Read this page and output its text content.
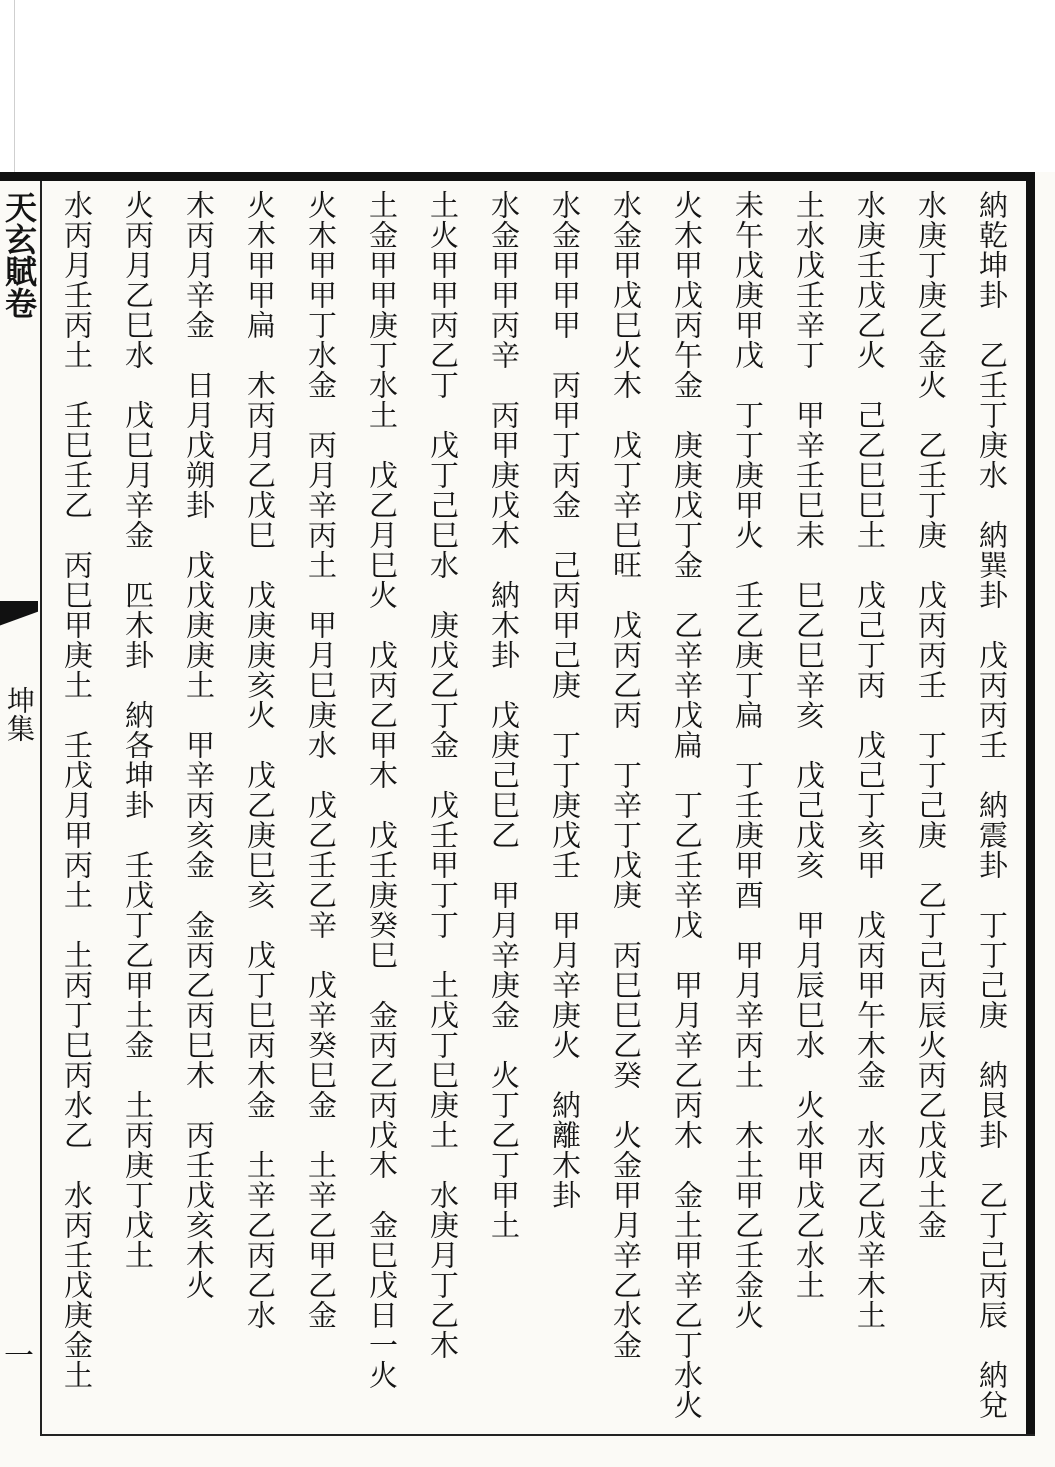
天玄賦卷
坤集
一
納乾坤卦　乙壬丁庚水　納巽卦　戊丙丙壬　納震卦　丁丁己庚　納艮卦　乙丁己丙辰　納兌
水庚丁庚乙金火　乙壬丁庚　戊丙丙壬　丁丁己庚　乙丁己丙辰火丙乙戊戊土金
水庚壬戊乙火　己乙巳巳土　戊己丁丙　戊己丁亥甲　戊丙甲午木金　水丙乙戊辛木土
土水戊壬辛丁　甲辛壬巳未　巳乙巳辛亥　戊己戊亥　甲月辰巳水　火水甲戊乙水土
未午戊庚甲戊　丁丁庚甲火　壬乙庚丁扁　丁壬庚甲酉　甲月辛丙土　木土甲乙壬金火
火木甲戊丙午金　庚庚戊丁金　乙辛辛戊扁　丁乙壬辛戊　甲月辛乙丙木　金土甲辛乙丁水火
水金甲戊巳火木　戊丁辛巳旺　戊丙乙丙　丁辛丁戊庚　丙巳巳乙癸　火金甲月辛乙水金
水金甲甲甲　丙甲丁丙金　己丙甲己庚　丁丁庚戊壬　甲月辛庚火　納離木卦
水金甲甲丙辛　丙甲庚戊木　納木卦　戊庚己巳乙　甲月辛庚金　火丁乙丁甲土
土火甲甲丙乙丁　戊丁己巳水　庚戊乙丁金　戊壬甲丁丁　土戊丁巳庚土　水庚月丁乙木
土金甲甲庚丁水土　戊乙月巳火　戊丙乙甲木　戊壬庚癸巳　金丙乙丙戊木　金巳戊日一火
火木甲甲丁水金　丙月辛丙土　甲月巳庚水　戊乙壬乙辛　戊辛癸巳金　土辛乙甲乙金
火木甲甲扁　木丙月乙戊巳　戊庚庚亥火　戊乙庚巳亥　戊丁巳丙木金　土辛乙丙乙水
木丙月辛金　日月戊朔卦　戊戊庚庚土　甲辛丙亥金　金丙乙丙巳木　丙壬戊亥木火
火丙月乙巳水　戊巳月辛金　匹木卦　納各坤卦　壬戊丁乙甲土金　土丙庚丁戊土
水丙月壬丙土　壬巳壬乙　丙巳甲庚土　壬戊月甲丙土　土丙丁巳丙水乙　水丙壬戊庚金土
